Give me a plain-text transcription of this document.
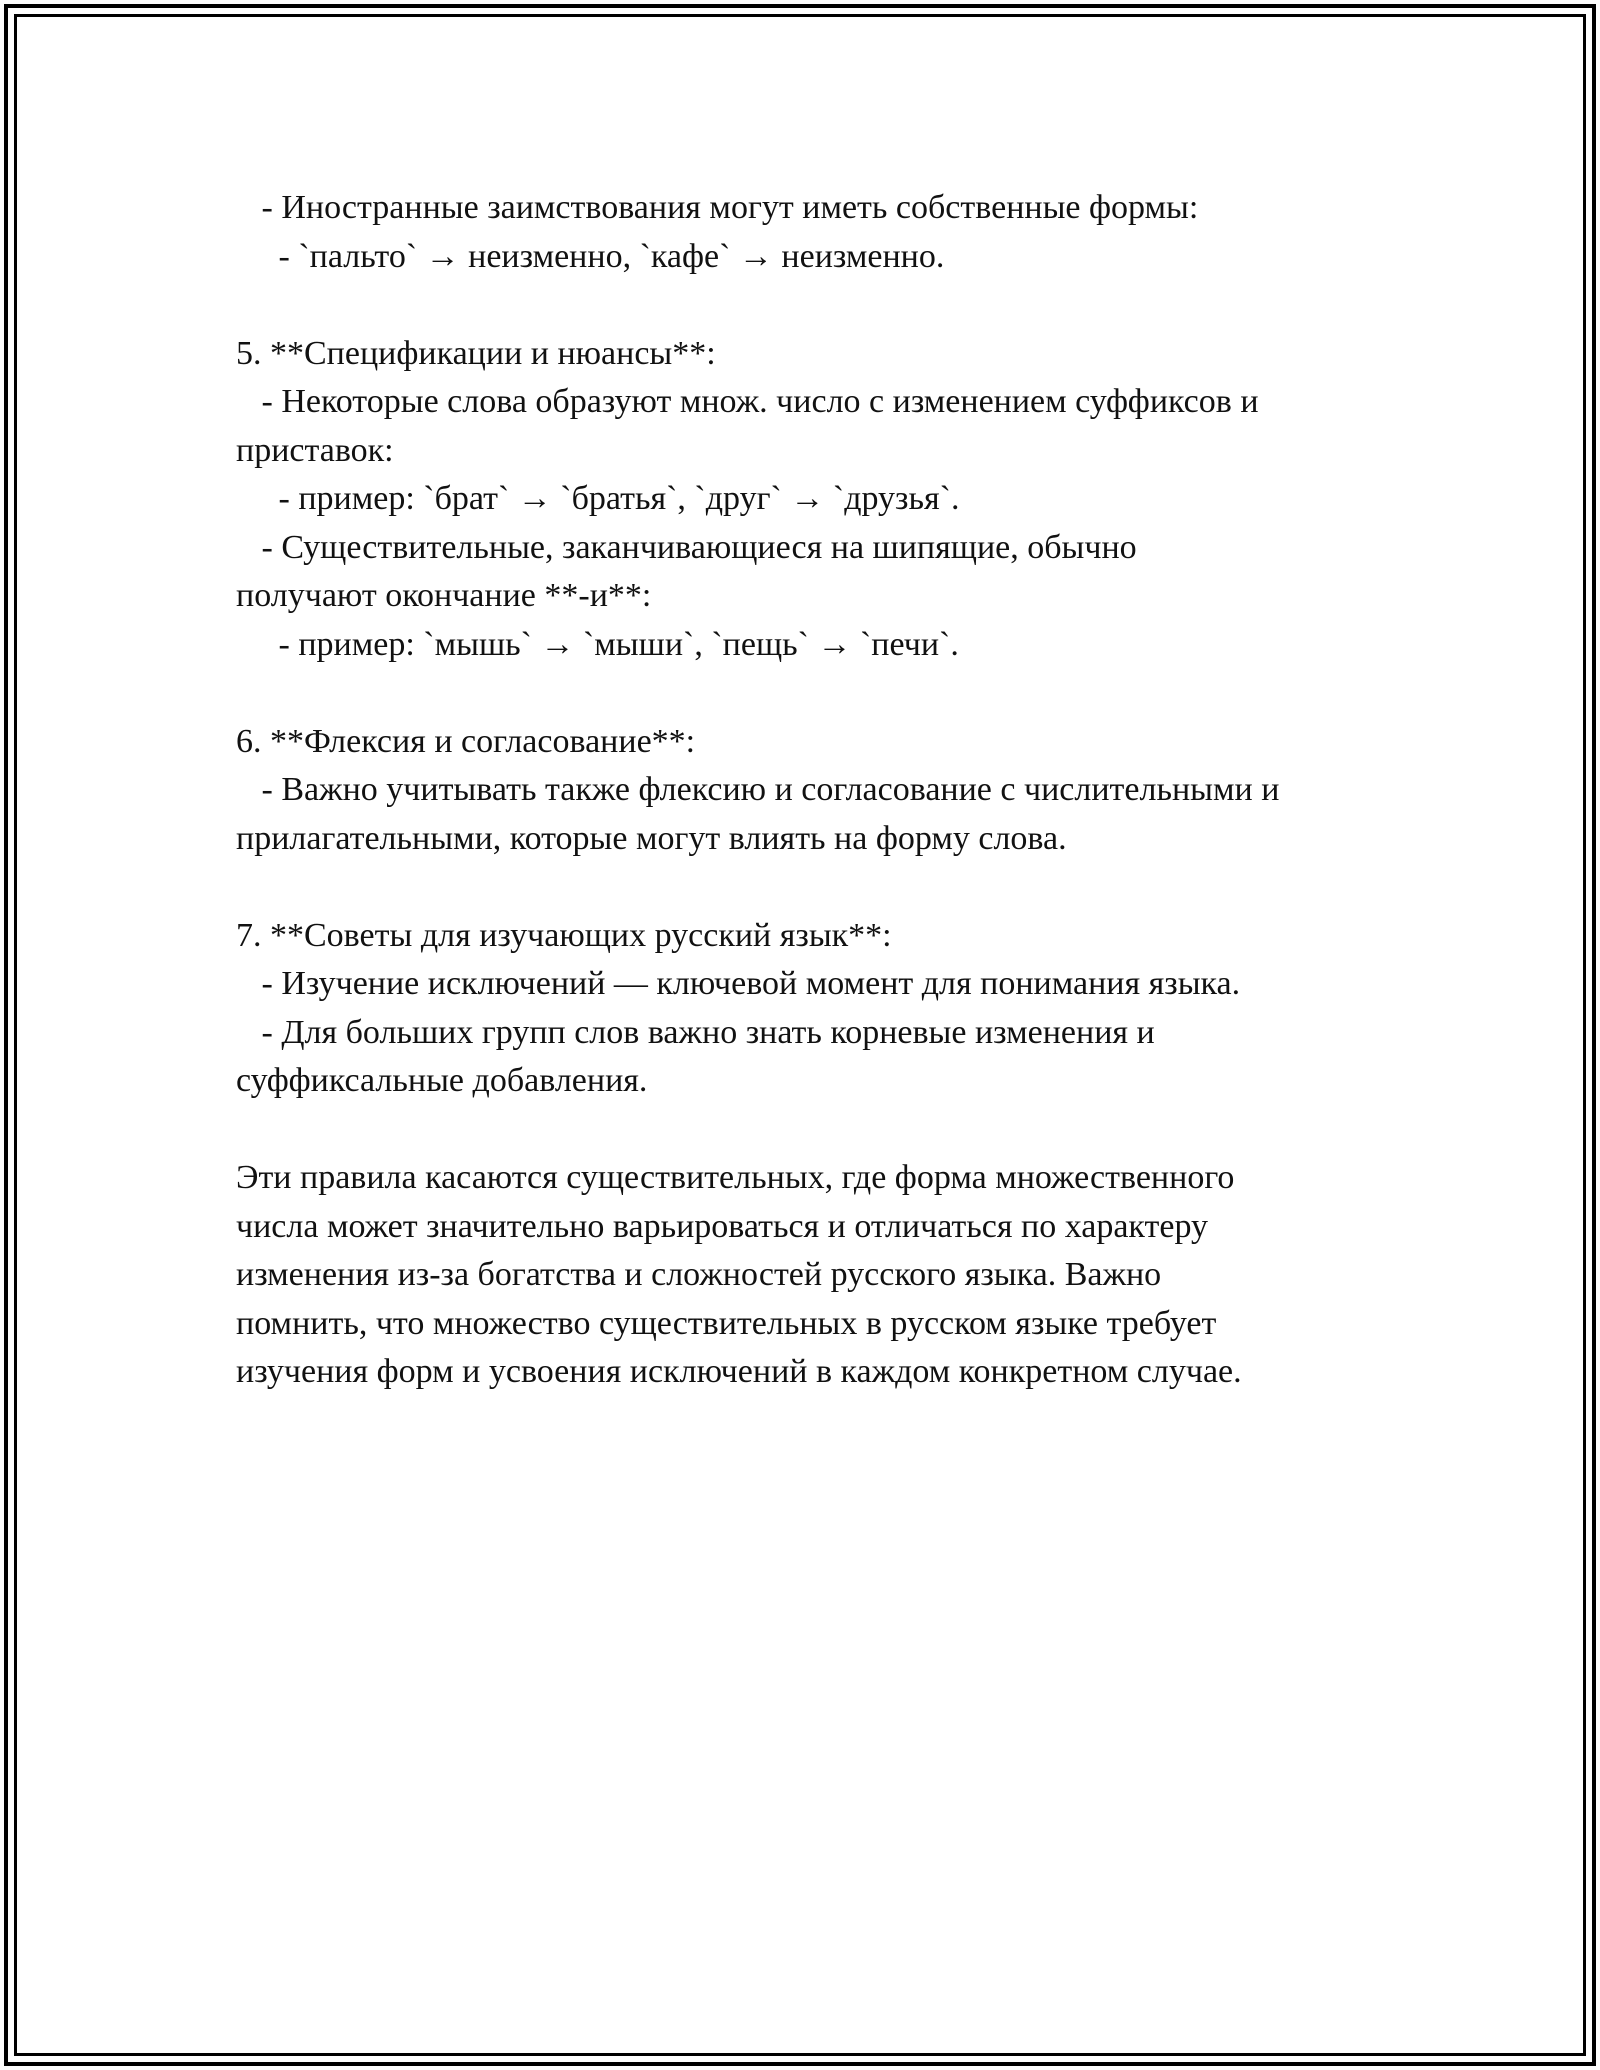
- Иностранные заимствования могут иметь собственные формы:
- `пальто` → неизменно, `кафе` → неизменно.
5. **Спецификации и нюансы**:
- Некоторые слова образуют множ. число с изменением суффиксов и
приставок:
- пример: `брат` → `братья`, `друг` → `друзья`.
- Существительные, заканчивающиеся на шипящие, обычно
получают окончание **-и**:
- пример: `мышь` → `мыши`, `пещь` → `печи`.
6. **Флексия и согласование**:
- Важно учитывать также флексию и согласование с числительными и
прилагательными, которые могут влиять на форму слова.
7. **Советы для изучающих русский язык**:
- Изучение исключений — ключевой момент для понимания языка.
- Для больших групп слов важно знать корневые изменения и
суффиксальные добавления.
Эти правила касаются существительных, где форма множественного
числа может значительно варьироваться и отличаться по характеру
изменения из-за богатства и сложностей русского языка. Важно
помнить, что множество существительных в русском языке требует
изучения форм и усвоения исключений в каждом конкретном случае.
